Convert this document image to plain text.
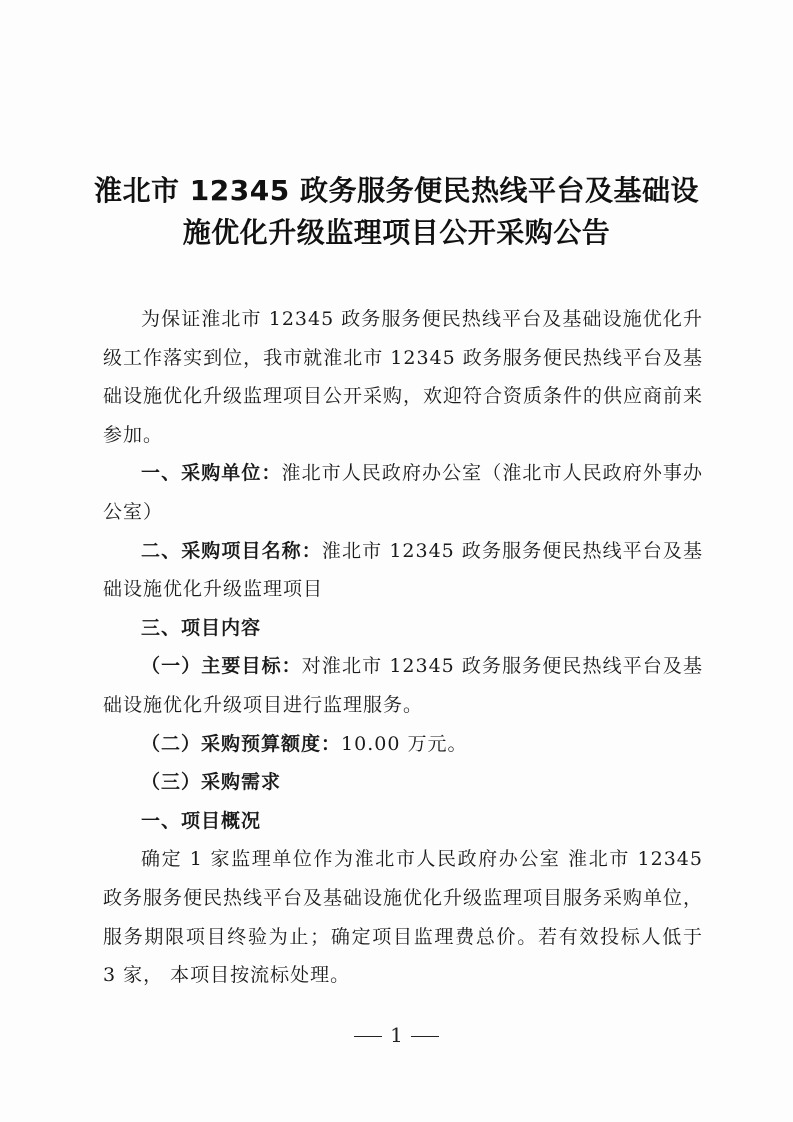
淮北市 12345 政务服务便民热线平台及基础设
施优化升级监理项目公开采购公告

为保证淮北市 12345 政务服务便民热线平台及基础设施优化升级工作落实到位，我市就淮北市 12345 政务服务便民热线平台及基础设施优化升级监理项目公开采购，欢迎符合资质条件的供应商前来参加。

一、采购单位：淮北市人民政府办公室（淮北市人民政府外事办公室）

二、采购项目名称：淮北市 12345 政务服务便民热线平台及基础设施优化升级监理项目

三、项目内容

（一）主要目标：对淮北市 12345 政务服务便民热线平台及基础设施优化升级项目进行监理服务。

（二）采购预算额度：10.00 万元。

（三）采购需求

一、项目概况

确定 1 家监理单位作为淮北市人民政府办公室 淮北市 12345 政务服务便民热线平台及基础设施优化升级监理项目服务采购单位，服务期限项目终验为止；确定项目监理费总价。若有效投标人低于 3 家， 本项目按流标处理。

1
